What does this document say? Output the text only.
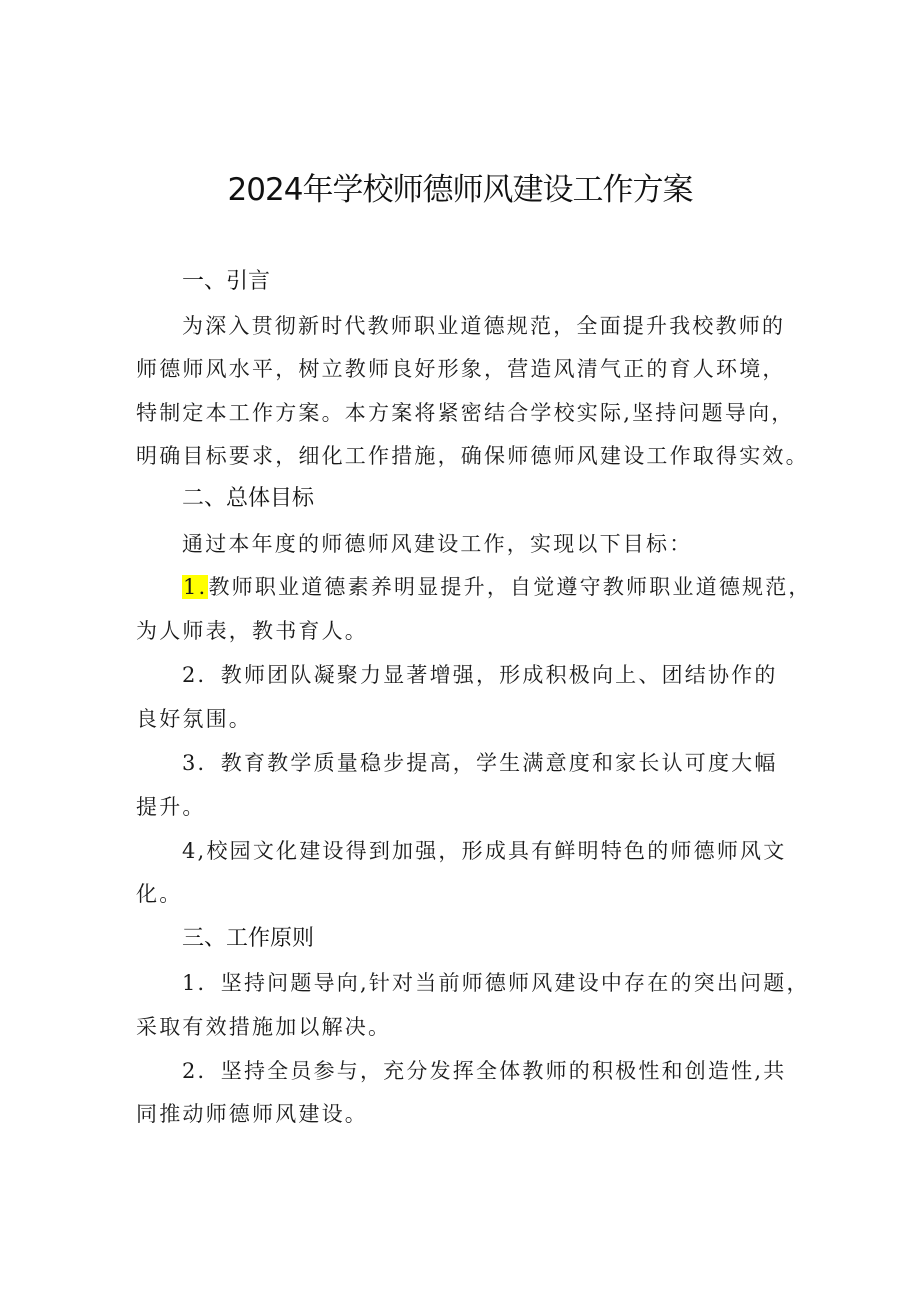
2024年学校师德师风建设工作方案
一、引言
为深入贯彻新时代教师职业道德规范，全面提升我校教师的
师德师风水平，树立教师良好形象，营造风清气正的育人环境，
特制定本工作方案。本方案将紧密结合学校实际,坚持问题导向，
明确目标要求，细化工作措施，确保师德师风建设工作取得实效。
二、总体目标
通过本年度的师德师风建设工作，实现以下目标：
1.教师职业道德素养明显提升，自觉遵守教师职业道德规范，
为人师表，教书育人。
2．教师团队凝聚力显著增强，形成积极向上、团结协作的
良好氛围。
3．教育教学质量稳步提高，学生满意度和家长认可度大幅
提升。
4,校园文化建设得到加强，形成具有鲜明特色的师德师风文
化。
三、工作原则
1．坚持问题导向,针对当前师德师风建设中存在的突出问题，
采取有效措施加以解决。
2．坚持全员参与，充分发挥全体教师的积极性和创造性,共
同推动师德师风建设。
